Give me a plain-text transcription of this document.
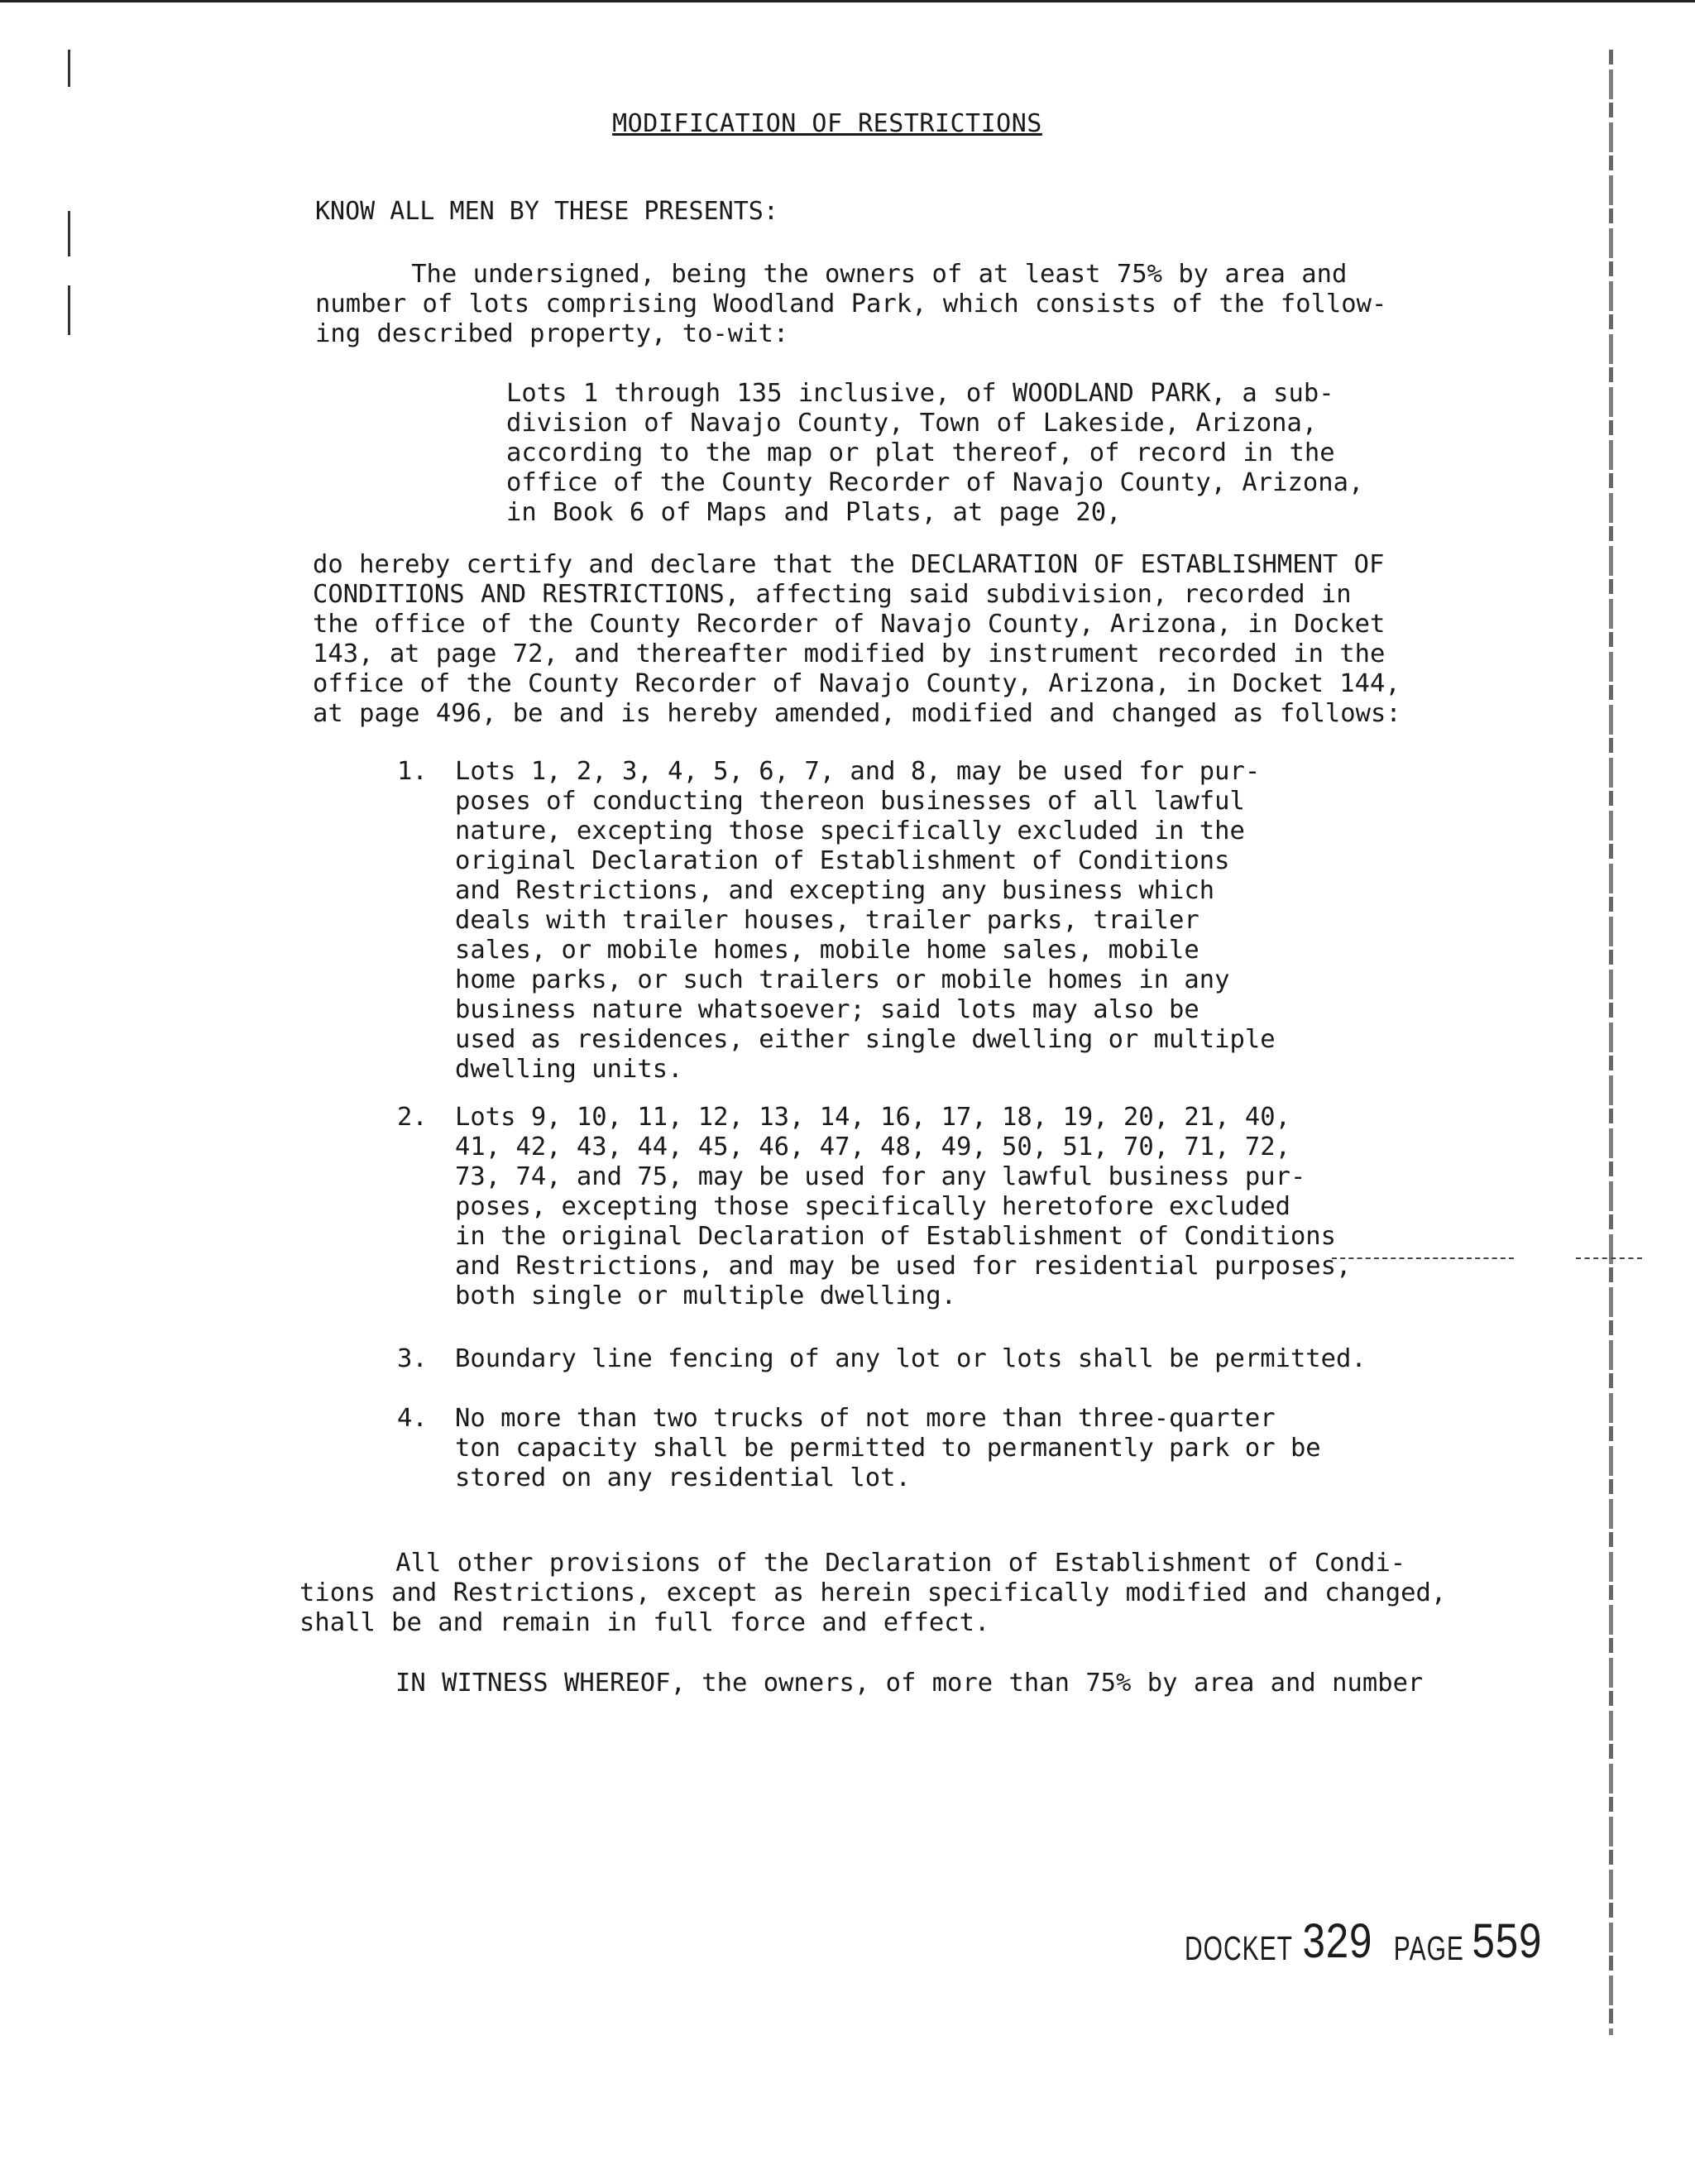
MODIFICATION OF RESTRICTIONS
KNOW ALL MEN BY THESE PRESENTS:
The undersigned, being the owners of at least 75% by area and
number of lots comprising Woodland Park, which consists of the follow-
ing described property, to-wit:
Lots 1 through 135 inclusive, of WOODLAND PARK, a sub-
division of Navajo County, Town of Lakeside, Arizona,
according to the map or plat thereof, of record in the
office of the County Recorder of Navajo County, Arizona,
in Book 6 of Maps and Plats, at page 20,
do hereby certify and declare that the DECLARATION OF ESTABLISHMENT OF
CONDITIONS AND RESTRICTIONS, affecting said subdivision, recorded in
the office of the County Recorder of Navajo County, Arizona, in Docket
143, at page 72, and thereafter modified by instrument recorded in the
office of the County Recorder of Navajo County, Arizona, in Docket 144,
at page 496, be and is hereby amended, modified and changed as follows:
1. Lots 1, 2, 3, 4, 5, 6, 7, and 8, may be used for pur-
poses of conducting thereon businesses of all lawful
nature, excepting those specifically excluded in the
original Declaration of Establishment of Conditions
and Restrictions, and excepting any business which
deals with trailer houses, trailer parks, trailer
sales, or mobile homes, mobile home sales, mobile
home parks, or such trailers or mobile homes in any
business nature whatsoever; said lots may also be
used as residences, either single dwelling or multiple
dwelling units.
2. Lots 9, 10, 11, 12, 13, 14, 16, 17, 18, 19, 20, 21, 40,
41, 42, 43, 44, 45, 46, 47, 48, 49, 50, 51, 70, 71, 72,
73, 74, and 75, may be used for any lawful business pur-
poses, excepting those specifically heretofore excluded
in the original Declaration of Establishment of Conditions
and Restrictions, and may be used for residential purposes,
both single or multiple dwelling.
3. Boundary line fencing of any lot or lots shall be permitted.
4. No more than two trucks of not more than three-quarter
ton capacity shall be permitted to permanently park or be
stored on any residential lot.
All other provisions of the Declaration of Establishment of Condi-
tions and Restrictions, except as herein specifically modified and changed,
shall be and remain in full force and effect.
IN WITNESS WHEREOF, the owners, of more than 75% by area and number
DOCKET 329 PAGE 559
